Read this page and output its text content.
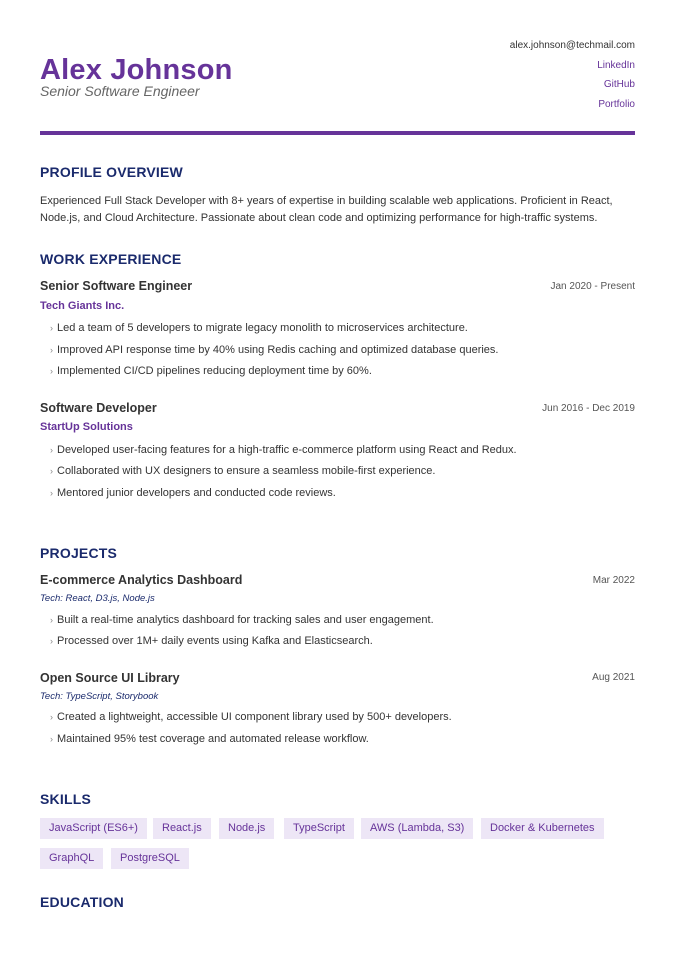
Alex Johnson
Senior Software Engineer
alex.johnson@techmail.com
LinkedIn
GitHub
Portfolio
PROFILE OVERVIEW
Experienced Full Stack Developer with 8+ years of expertise in building scalable web applications. Proficient in React,
Node.js, and Cloud Architecture. Passionate about clean code and optimizing performance for high-traffic systems.
WORK EXPERIENCE
Senior Software Engineer	Jan 2020 - Present
Tech Giants Inc.
› Led a team of 5 developers to migrate legacy monolith to microservices architecture.
› Improved API response time by 40% using Redis caching and optimized database queries.
› Implemented CI/CD pipelines reducing deployment time by 60%.
Software Developer	Jun 2016 - Dec 2019
StartUp Solutions
› Developed user-facing features for a high-traffic e-commerce platform using React and Redux.
› Collaborated with UX designers to ensure a seamless mobile-first experience.
› Mentored junior developers and conducted code reviews.
PROJECTS
E-commerce Analytics Dashboard	Mar 2022
Tech: React, D3.js, Node.js
› Built a real-time analytics dashboard for tracking sales and user engagement.
› Processed over 1M+ daily events using Kafka and Elasticsearch.
Open Source UI Library	Aug 2021
Tech: TypeScript, Storybook
› Created a lightweight, accessible UI component library used by 500+ developers.
› Maintained 95% test coverage and automated release workflow.
SKILLS
JavaScript (ES6+)	React.js	Node.js	TypeScript	AWS (Lambda, S3)	Docker & Kubernetes
GraphQL	PostgreSQL
EDUCATION
